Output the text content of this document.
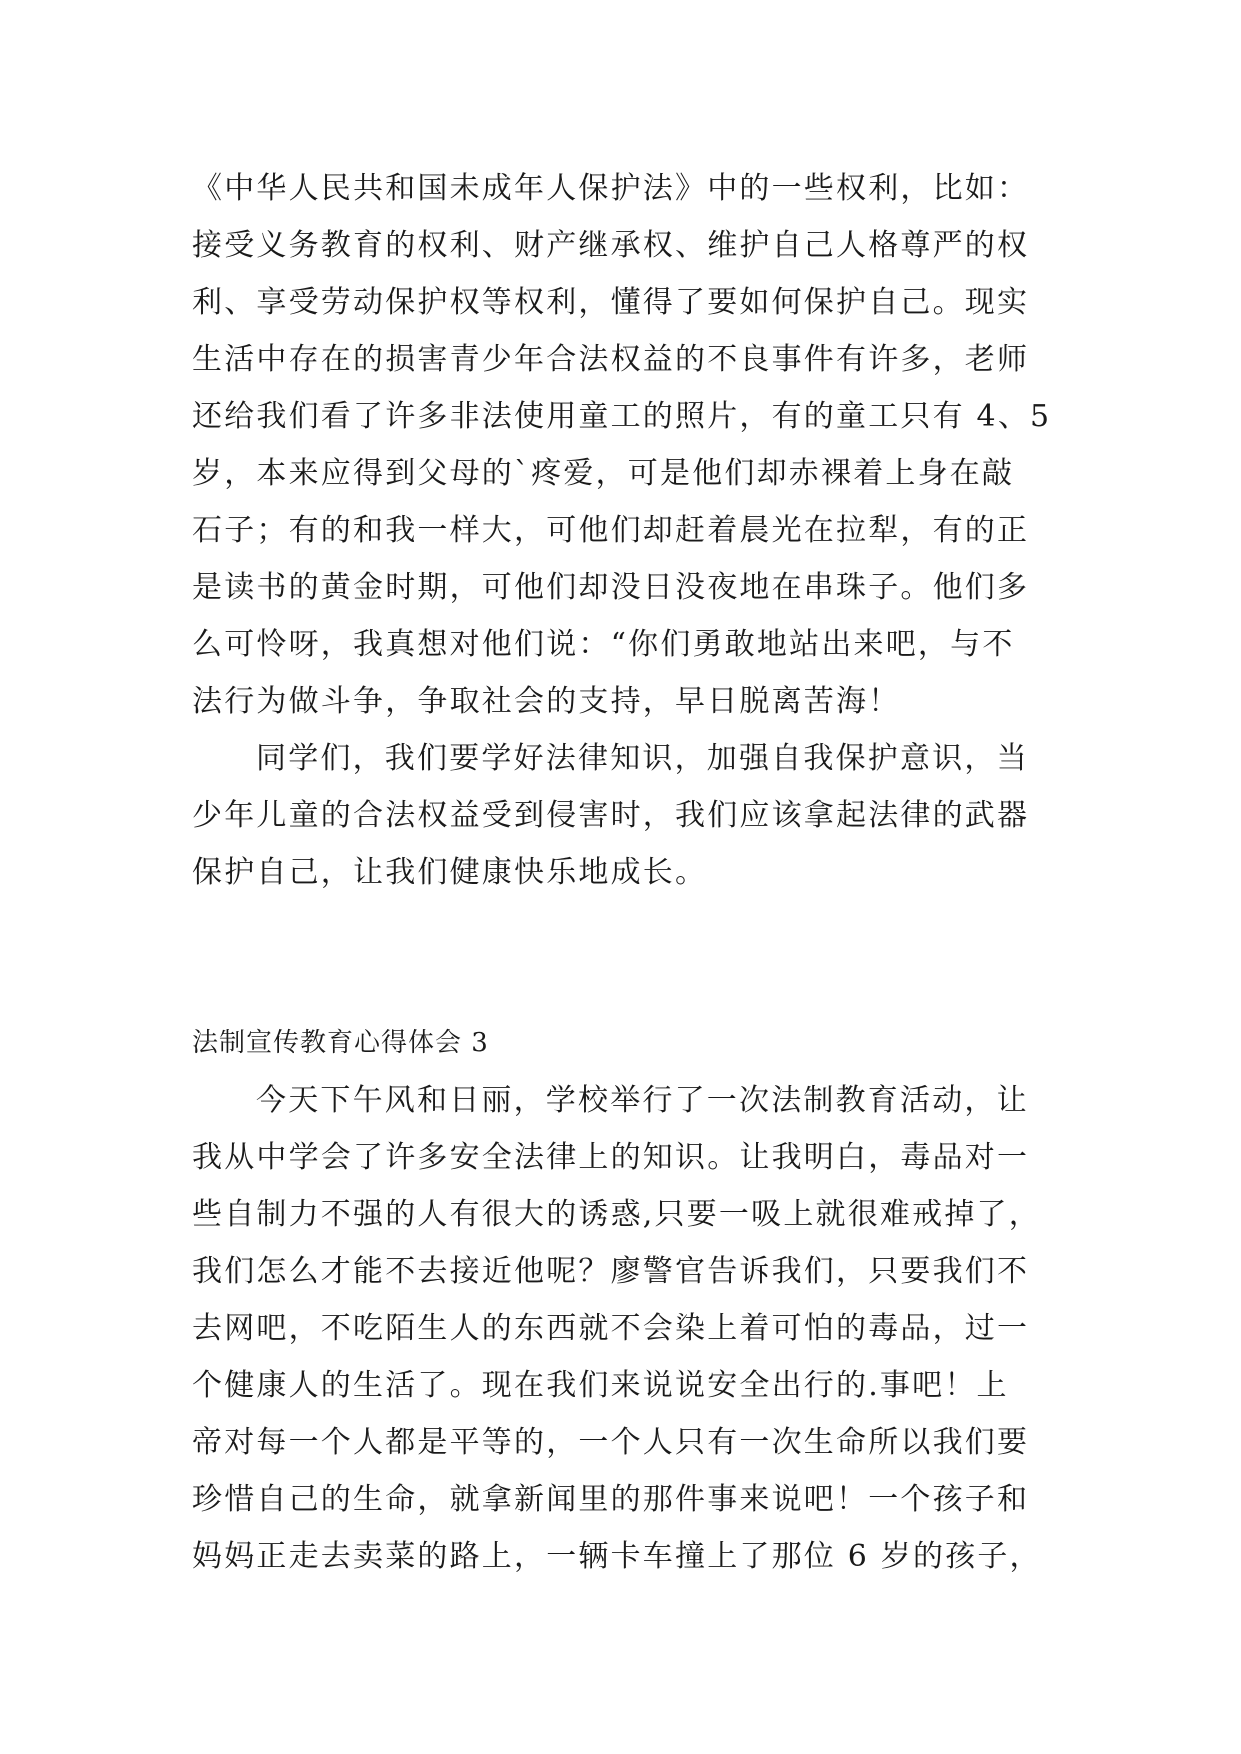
《中华人民共和国未成年人保护法》中的一些权利，比如：
接受义务教育的权利、财产继承权、维护自己人格尊严的权
利、享受劳动保护权等权利，懂得了要如何保护自己。现实
生活中存在的损害青少年合法权益的不良事件有许多，老师
还给我们看了许多非法使用童工的照片，有的童工只有 4、5
岁，本来应得到父母的`疼爱，可是他们却赤裸着上身在敲
石子；有的和我一样大，可他们却赶着晨光在拉犁，有的正
是读书的黄金时期，可他们却没日没夜地在串珠子。他们多
么可怜呀，我真想对他们说：“你们勇敢地站出来吧，与不
法行为做斗争，争取社会的支持，早日脱离苦海！
同学们，我们要学好法律知识，加强自我保护意识，当
少年儿童的合法权益受到侵害时，我们应该拿起法律的武器
保护自己，让我们健康快乐地成长。
法制宣传教育心得体会 3
今天下午风和日丽，学校举行了一次法制教育活动，让
我从中学会了许多安全法律上的知识。让我明白，毒品对一
些自制力不强的人有很大的诱惑,只要一吸上就很难戒掉了，
我们怎么才能不去接近他呢？廖警官告诉我们，只要我们不
去网吧，不吃陌生人的东西就不会染上着可怕的毒品，过一
个健康人的生活了。现在我们来说说安全出行的.事吧！上
帝对每一个人都是平等的，一个人只有一次生命所以我们要
珍惜自己的生命，就拿新闻里的那件事来说吧！一个孩子和
妈妈正走去卖菜的路上，一辆卡车撞上了那位 6 岁的孩子，
